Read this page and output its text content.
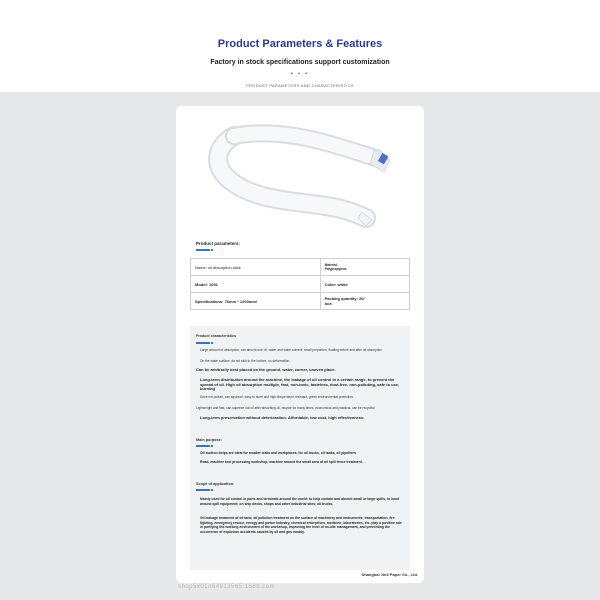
Product Parameters & Features
Factory in stock specifications support customization
• • •
PRODUCT PARAMETERS AND CHARACTERISTICS
Product parameters:
Name: oil absorption stick	Material:
Polypropylene
Model: 1051	Color: white
Specifications: 76mm * 1200mm/	Packing quantity: 20/
box
Product characteristics
Large amount of absorption, can absorb one oil, water and water solvent, small proportion, floating before and after oil absorption
On the water surface, do not sink to the bottom, no deformation.
Can be arbitrarily best placed on the ground, water, corner, uneven place.
Long-term distribution around the machine, the leakage of oil control in a certain range, to prevent the spread of oil. High oil absorption multiple, fast, non-toxic, tasteless, dust-free, non-polluting, safe to use, burning
Does not pollute, can squeeze, easy to store and high temperature resistant, green environmental protection.
Lightweight and fast, can squeeze out oil after absorbing oil, recycle for many times, economical and practical, can be recycled.
Long-term preservation without deterioration. Affordable, low cost, high effectiveness.
Main purpose:
Oil suction strips are ideal for smaller leaks and workplaces, for oil trucks, oil tanks, oil pipelines
Road, machine tool processing workshop, machine around the small area of oil spill fence treatment.
Scope of application:
Mainly used for oil control in ports and terminals around the world: to help contain and absorb small or large spills; to bend around spill equipment; on ship decks, shops and other industrial sites; oil trucks,
Oil leakage treatment of oil tank; oil pollution treatment on the surface of machinery and instruments; transportation, fire fighting, emergency rescue; energy and power industry, chemical enterprises, medicine, laboratories, etc. play a positive role in purifying the working environment of the workshop, improving the level of on-site management, and preventing the occurrence of explosion accidents caused by oil and gas muddy.
Shanghai Jinli Paper Co., Ltd.
shop5x01n64913565.1688.com
